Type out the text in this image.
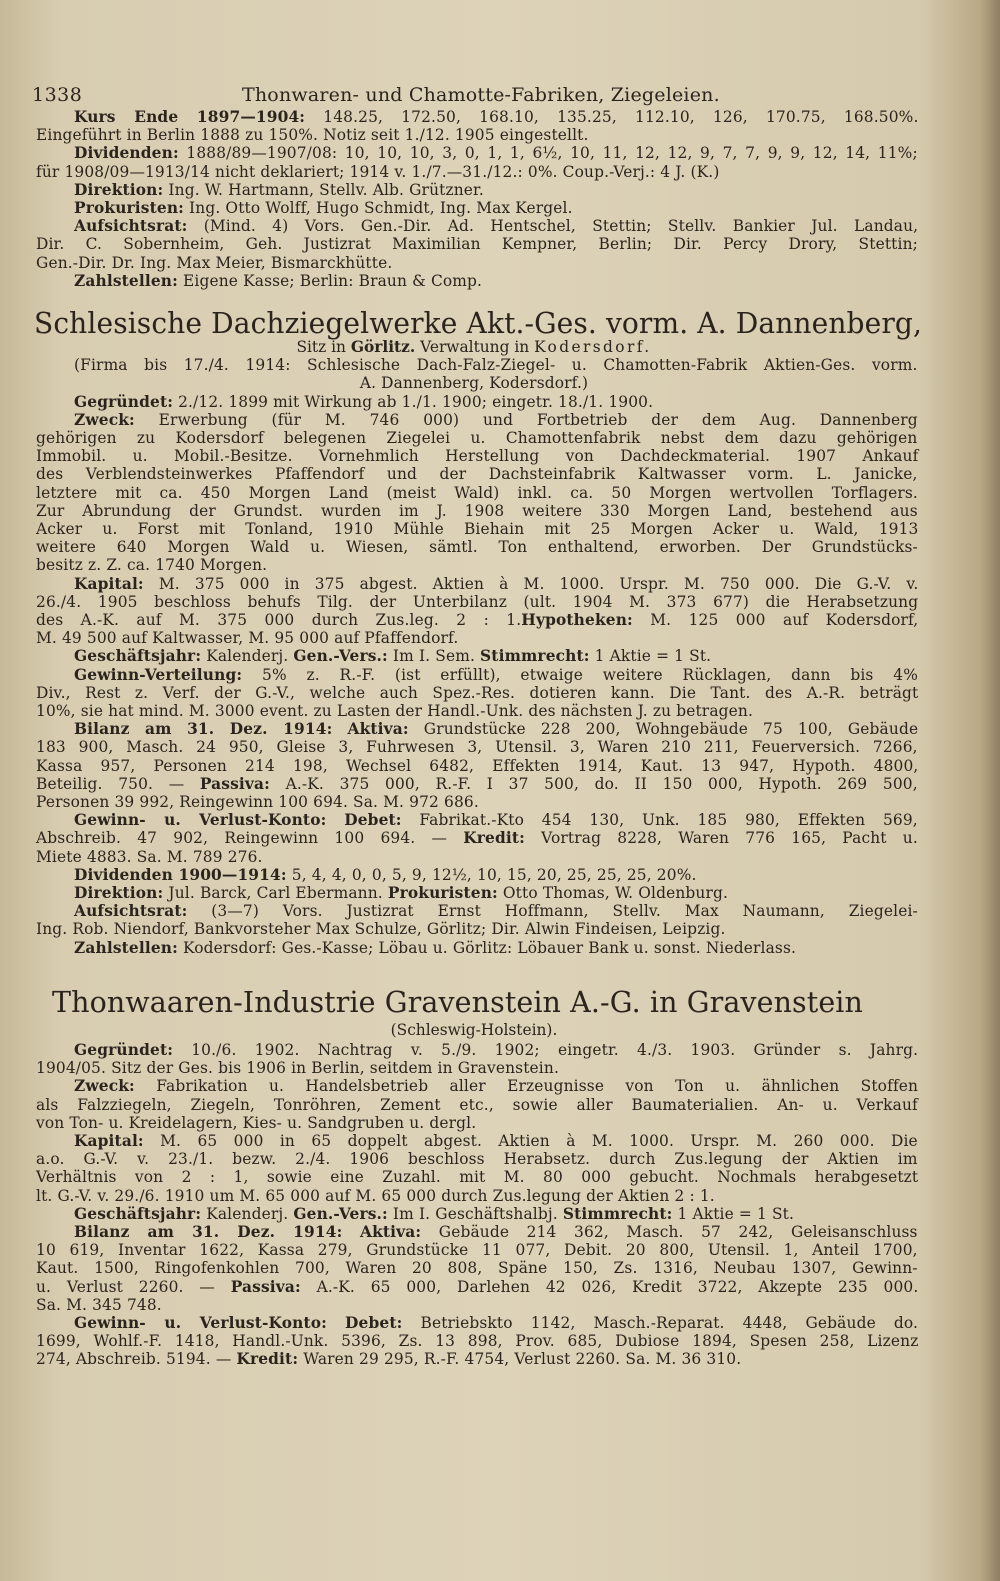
1338	Thonwaren- und Chamotte-Fabriken, Ziegeleien.
Kurs Ende 1897—1904: 148.25, 172.50, 168.10, 135.25, 112.10, 126, 170.75, 168.50%.
Eingeführt in Berlin 1888 zu 150%. Notiz seit 1./12. 1905 eingestellt.
Dividenden: 1888/89—1907/08: 10, 10, 10, 3, 0, 1, 1, 6½, 10, 11, 12, 12, 9, 7, 7, 9, 9, 12, 14, 11%;
für 1908/09—1913/14 nicht deklariert; 1914 v. 1./7.—31./12.: 0%. Coup.-Verj.: 4 J. (K.)
Direktion: Ing. W. Hartmann, Stellv. Alb. Grützner.
Prokuristen: Ing. Otto Wolff, Hugo Schmidt, Ing. Max Kergel.
Aufsichtsrat: (Mind. 4) Vors. Gen.-Dir. Ad. Hentschel, Stettin; Stellv. Bankier Jul. Landau,
Dir. C. Sobernheim, Geh. Justizrat Maximilian Kempner, Berlin; Dir. Percy Drory, Stettin;
Gen.-Dir. Dr. Ing. Max Meier, Bismarckhütte.
Zahlstellen: Eigene Kasse; Berlin: Braun & Comp.
Schlesische Dachziegelwerke Akt.-Ges. vorm. A. Dannenberg,
Sitz in Görlitz. Verwaltung in Kodersdorf.
(Firma bis 17./4. 1914: Schlesische Dach-Falz-Ziegel- u. Chamotten-Fabrik Aktien-Ges. vorm.
A. Dannenberg, Kodersdorf.)
Gegründet: 2./12. 1899 mit Wirkung ab 1./1. 1900; eingetr. 18./1. 1900.
Zweck: Erwerbung (für M. 746 000) und Fortbetrieb der dem Aug. Dannenberg
gehörigen zu Kodersdorf belegenen Ziegelei u. Chamottenfabrik nebst dem dazu gehörigen
Immobil. u. Mobil.-Besitze. Vornehmlich Herstellung von Dachdeckmaterial. 1907 Ankauf
des Verblendsteinwerkes Pfaffendorf und der Dachsteinfabrik Kaltwasser vorm. L. Janicke,
letztere mit ca. 450 Morgen Land (meist Wald) inkl. ca. 50 Morgen wertvollen Torflagers.
Zur Abrundung der Grundst. wurden im J. 1908 weitere 330 Morgen Land, bestehend aus
Acker u. Forst mit Tonland, 1910 Mühle Biehain mit 25 Morgen Acker u. Wald, 1913
weitere 640 Morgen Wald u. Wiesen, sämtl. Ton enthaltend, erworben. Der Grundstücks-
besitz z. Z. ca. 1740 Morgen.
Kapital: M. 375 000 in 375 abgest. Aktien à M. 1000. Urspr. M. 750 000. Die G.-V. v.
26./4. 1905 beschloss behufs Tilg. der Unterbilanz (ult. 1904 M. 373 677) die Herabsetzung
des A.-K. auf M. 375 000 durch Zus.leg. 2 : 1.Hypotheken: M. 125 000 auf Kodersdorf,
M. 49 500 auf Kaltwasser, M. 95 000 auf Pfaffendorf.
Geschäftsjahr: Kalenderj. Gen.-Vers.: Im I. Sem. Stimmrecht: 1 Aktie = 1 St.
Gewinn-Verteilung: 5% z. R.-F. (ist erfüllt), etwaige weitere Rücklagen, dann bis 4%
Div., Rest z. Verf. der G.-V., welche auch Spez.-Res. dotieren kann. Die Tant. des A.-R. beträgt
10%, sie hat mind. M. 3000 event. zu Lasten der Handl.-Unk. des nächsten J. zu betragen.
Bilanz am 31. Dez. 1914: Aktiva: Grundstücke 228 200, Wohngebäude 75 100, Gebäude
183 900, Masch. 24 950, Gleise 3, Fuhrwesen 3, Utensil. 3, Waren 210 211, Feuerversich. 7266,
Kassa 957, Personen 214 198, Wechsel 6482, Effekten 1914, Kaut. 13 947, Hypoth. 4800,
Beteilig. 750. — Passiva: A.-K. 375 000, R.-F. I 37 500, do. II 150 000, Hypoth. 269 500,
Personen 39 992, Reingewinn 100 694. Sa. M. 972 686.
Gewinn- u. Verlust-Konto: Debet: Fabrikat.-Kto 454 130, Unk. 185 980, Effekten 569,
Abschreib. 47 902, Reingewinn 100 694. — Kredit: Vortrag 8228, Waren 776 165, Pacht u.
Miete 4883. Sa. M. 789 276.
Dividenden 1900—1914: 5, 4, 4, 0, 0, 5, 9, 12½, 10, 15, 20, 25, 25, 25, 20%.
Direktion: Jul. Barck, Carl Ebermann. Prokuristen: Otto Thomas, W. Oldenburg.
Aufsichtsrat: (3—7) Vors. Justizrat Ernst Hoffmann, Stellv. Max Naumann, Ziegelei-
Ing. Rob. Niendorf, Bankvorsteher Max Schulze, Görlitz; Dir. Alwin Findeisen, Leipzig.
Zahlstellen: Kodersdorf: Ges.-Kasse; Löbau u. Görlitz: Löbauer Bank u. sonst. Niederlass.
Thonwaaren-Industrie Gravenstein A.-G. in Gravenstein
(Schleswig-Holstein).
Gegründet: 10./6. 1902. Nachtrag v. 5./9. 1902; eingetr. 4./3. 1903. Gründer s. Jahrg.
1904/05. Sitz der Ges. bis 1906 in Berlin, seitdem in Gravenstein.
Zweck: Fabrikation u. Handelsbetrieb aller Erzeugnisse von Ton u. ähnlichen Stoffen
als Falzziegeln, Ziegeln, Tonröhren, Zement etc., sowie aller Baumaterialien. An- u. Verkauf
von Ton- u. Kreidelagern, Kies- u. Sandgruben u. dergl.
Kapital: M. 65 000 in 65 doppelt abgest. Aktien à M. 1000. Urspr. M. 260 000. Die
a.o. G.-V. v. 23./1. bezw. 2./4. 1906 beschloss Herabsetz. durch Zus.legung der Aktien im
Verhältnis von 2 : 1, sowie eine Zuzahl. mit M. 80 000 gebucht. Nochmals herabgesetzt
lt. G.-V. v. 29./6. 1910 um M. 65 000 auf M. 65 000 durch Zus.legung der Aktien 2 : 1.
Geschäftsjahr: Kalenderj. Gen.-Vers.: Im I. Geschäftshalbj. Stimmrecht: 1 Aktie = 1 St.
Bilanz am 31. Dez. 1914: Aktiva: Gebäude 214 362, Masch. 57 242, Geleisanschluss
10 619, Inventar 1622, Kassa 279, Grundstücke 11 077, Debit. 20 800, Utensil. 1, Anteil 1700,
Kaut. 1500, Ringofenkohlen 700, Waren 20 808, Späne 150, Zs. 1316, Neubau 1307, Gewinn-
u. Verlust 2260. — Passiva: A.-K. 65 000, Darlehen 42 026, Kredit 3722, Akzepte 235 000.
Sa. M. 345 748.
Gewinn- u. Verlust-Konto: Debet: Betriebskto 1142, Masch.-Reparat. 4448, Gebäude do.
1699, Wohlf.-F. 1418, Handl.-Unk. 5396, Zs. 13 898, Prov. 685, Dubiose 1894, Spesen 258, Lizenz
274, Abschreib. 5194. — Kredit: Waren 29 295, R.-F. 4754, Verlust 2260. Sa. M. 36 310.
